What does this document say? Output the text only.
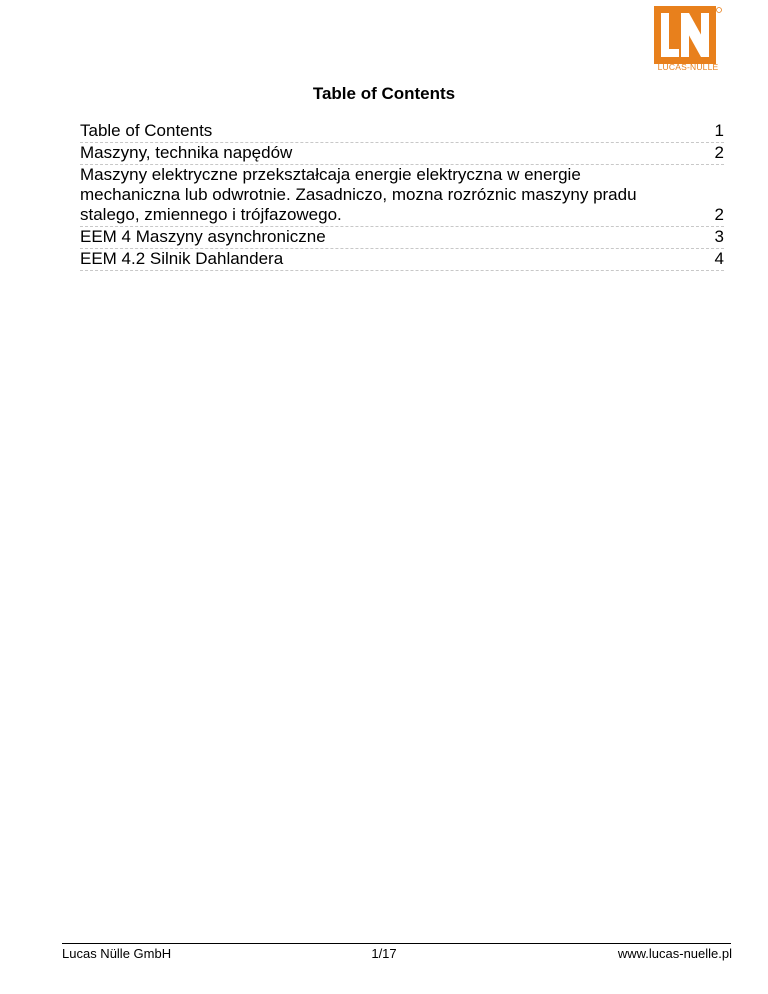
LUCAS-NÜLLE
Table of Contents
Table of Contents	1
Maszyny, technika napędów	2
Maszyny elektryczne przekształcaja energie elektryczna w energie
mechaniczna lub odwrotnie. Zasadniczo, mozna rozróznic maszyny pradu
stalego, zmiennego i trójfazowego.	2
EEM 4 Maszyny asynchroniczne	3
EEM 4.2 Silnik Dahlandera	4
Lucas Nülle GmbH	1/17	www.lucas-nuelle.pl
